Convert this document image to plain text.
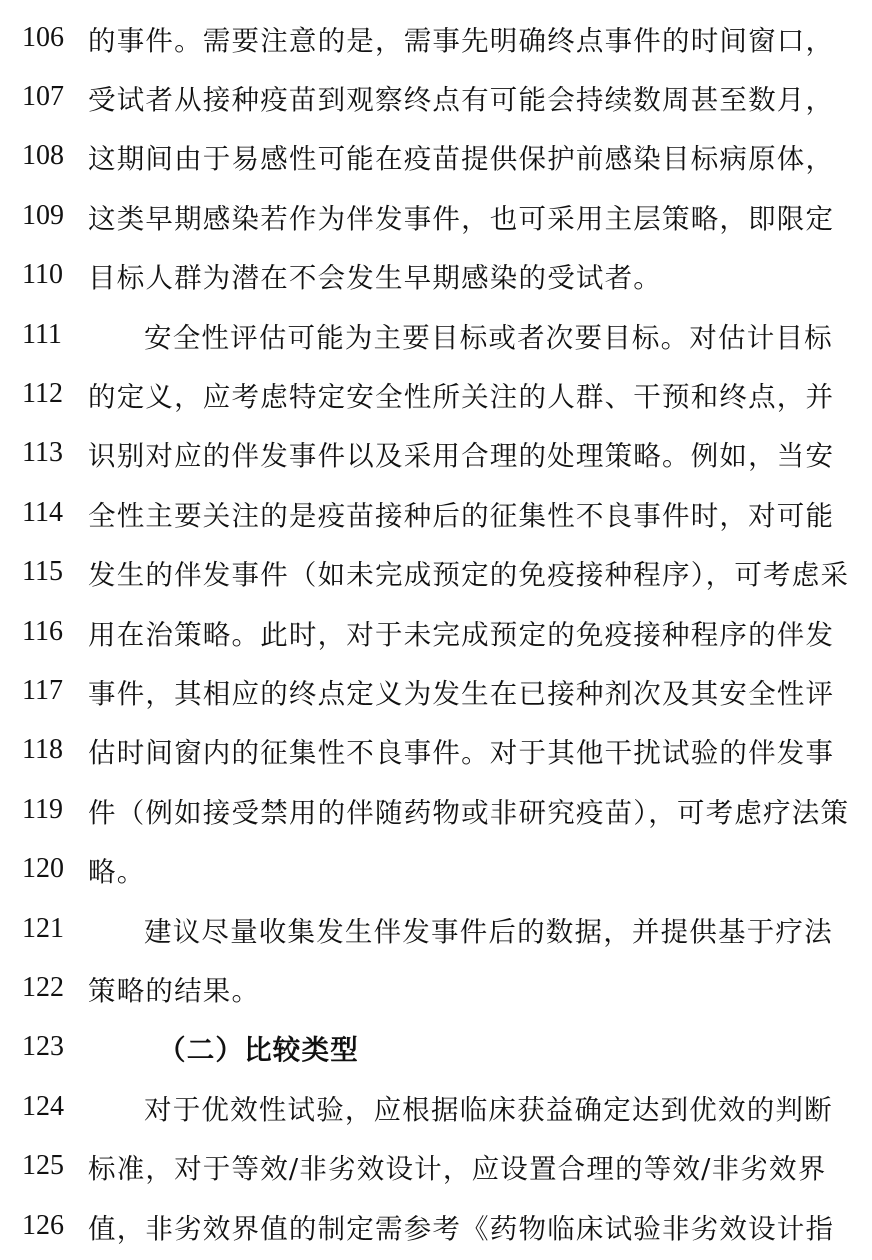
106 的事件。需要注意的是，需事先明确终点事件的时间窗口，
107 受试者从接种疫苗到观察终点有可能会持续数周甚至数月，
108 这期间由于易感性可能在疫苗提供保护前感染目标病原体，
109 这类早期感染若作为伴发事件，也可采用主层策略，即限定
110 目标人群为潜在不会发生早期感染的受试者。
111	安全性评估可能为主要目标或者次要目标。对估计目标
112 的定义，应考虑特定安全性所关注的人群、干预和终点，并
113 识别对应的伴发事件以及采用合理的处理策略。例如，当安
114 全性主要关注的是疫苗接种后的征集性不良事件时，对可能
115 发生的伴发事件（如未完成预定的免疫接种程序），可考虑采
116 用在治策略。此时，对于未完成预定的免疫接种程序的伴发
117 事件，其相应的终点定义为发生在已接种剂次及其安全性评
118 估时间窗内的征集性不良事件。对于其他干扰试验的伴发事
119 件（例如接受禁用的伴随药物或非研究疫苗），可考虑疗法策
120 略。
121	建议尽量收集发生伴发事件后的数据，并提供基于疗法
122 策略的结果。
123	（二）比较类型
124	对于优效性试验，应根据临床获益确定达到优效的判断
125 标准，对于等效/非劣效设计，应设置合理的等效/非劣效界
126 值，非劣效界值的制定需参考《药物临床试验非劣效设计指
